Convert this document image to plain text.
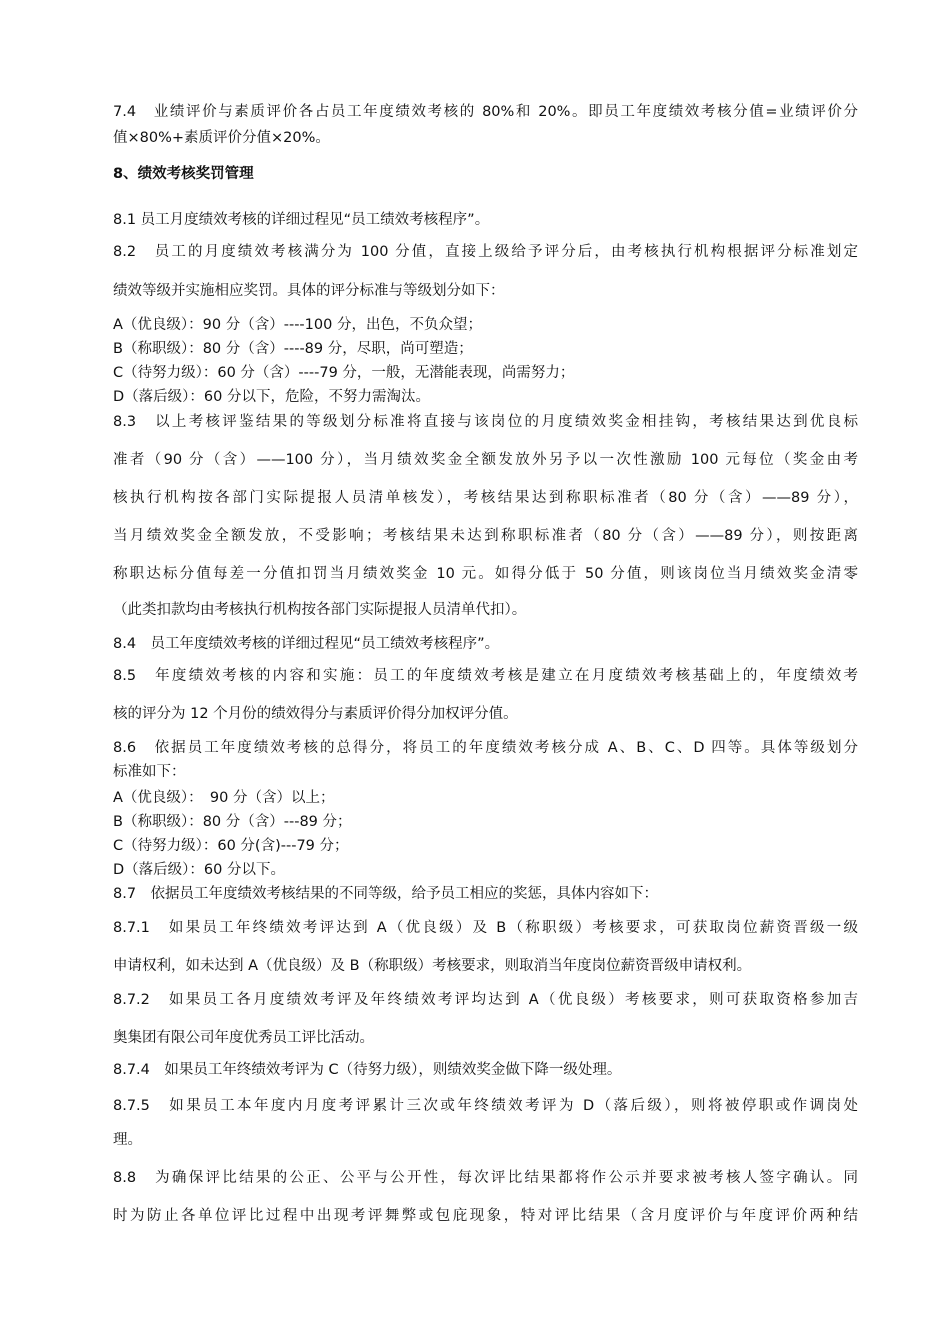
7.4　业绩评价与素质评价各占员工年度绩效考核的 80%和 20%。即员工年度绩效考核分值=业绩评价分
值×80%+素质评价分值×20%。
8、绩效考核奖罚管理
8.1 员工月度绩效考核的详细过程见“员工绩效考核程序”。
8.2　员工的月度绩效考核满分为 100 分值，直接上级给予评分后，由考核执行机构根据评分标准划定
绩效等级并实施相应奖罚。具体的评分标准与等级划分如下：
A（优良级）：90 分（含）----100 分，出色，不负众望；
B（称职级）：80 分（含）----89 分，尽职，尚可塑造；
C（待努力级）：60 分（含）----79 分，一般，无潜能表现，尚需努力；
D（落后级）：60 分以下，危险，不努力需淘汰。
8.3　以上考核评鉴结果的等级划分标准将直接与该岗位的月度绩效奖金相挂钩，考核结果达到优良标
准者（90 分（含）——100 分），当月绩效奖金全额发放外另予以一次性激励 100 元每位（奖金由考
核执行机构按各部门实际提报人员清单核发），考核结果达到称职标准者（80 分（含）——89 分），
当月绩效奖金全额发放，不受影响；考核结果未达到称职标准者（80 分（含）——89 分），则按距离
称职达标分值每差一分值扣罚当月绩效奖金 10 元。如得分低于 50 分值，则该岗位当月绩效奖金清零
（此类扣款均由考核执行机构按各部门实际提报人员清单代扣）。
8.4　员工年度绩效考核的详细过程见“员工绩效考核程序”。
8.5　年度绩效考核的内容和实施：员工的年度绩效考核是建立在月度绩效考核基础上的，年度绩效考
核的评分为 12 个月份的绩效得分与素质评价得分加权评分值。
8.6　依据员工年度绩效考核的总得分，将员工的年度绩效考核分成 A、B、C、D 四等。具体等级划分
标准如下：
A（优良级）：　90 分（含）以上；
B（称职级）：80 分（含）---89 分；
C（待努力级）：60 分(含)---79 分；
D（落后级）：60 分以下。
8.7　依据员工年度绩效考核结果的不同等级，给予员工相应的奖惩，具体内容如下：
8.7.1　如果员工年终绩效考评达到 A（优良级）及 B（称职级）考核要求，可获取岗位薪资晋级一级
申请权利，如未达到 A（优良级）及 B（称职级）考核要求，则取消当年度岗位薪资晋级申请权利。
8.7.2　如果员工各月度绩效考评及年终绩效考评均达到 A（优良级）考核要求，则可获取资格参加吉
奥集团有限公司年度优秀员工评比活动。
8.7.4　如果员工年终绩效考评为 C（待努力级），则绩效奖金做下降一级处理。
8.7.5　如果员工本年度内月度考评累计三次或年终绩效考评为 D（落后级），则将被停职或作调岗处
理。
8.8　为确保评比结果的公正、公平与公开性，每次评比结果都将作公示并要求被考核人签字确认。同
时为防止各单位评比过程中出现考评舞弊或包庇现象，特对评比结果（含月度评价与年度评价两种结
